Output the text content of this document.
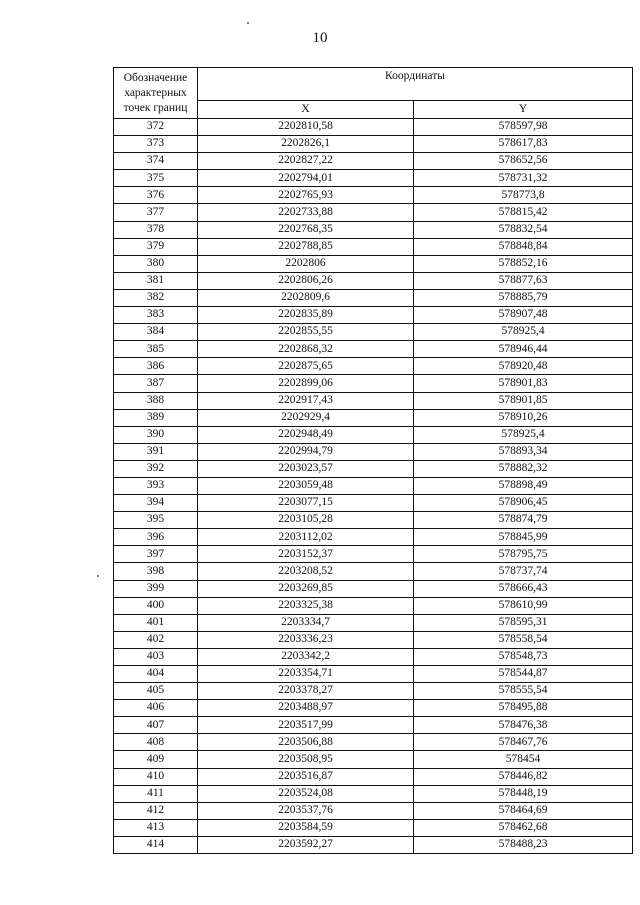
10
Обозначение характерных точек границ	Координаты	
	X	Y
372	2202810,58	578597,98
373	2202826,1	578617,83
374	2202827,22	578652,56
375	2202794,01	578731,32
376	2202765,93	578773,8
377	2202733,88	578815,42
378	2202768,35	578832,54
379	2202788,85	578848,84
380	2202806	578852,16
381	2202806,26	578877,63
382	2202809,6	578885,79
383	2202835,89	578907,48
384	2202855,55	578925,4
385	2202868,32	578946,44
386	2202875,65	578920,48
387	2202899,06	578901,83
388	2202917,43	578901,85
389	2202929,4	578910,26
390	2202948,49	578925,4
391	2202994,79	578893,34
392	2203023,57	578882,32
393	2203059,48	578898,49
394	2203077,15	578906,45
395	2203105,28	578874,79
396	2203112,02	578845,99
397	2203152,37	578795,75
398	2203208,52	578737,74
399	2203269,85	578666,43
400	2203325,38	578610,99
401	2203334,7	578595,31
402	2203336,23	578558,54
403	2203342,2	578548,73
404	2203354,71	578544,87
405	2203378,27	578555,54
406	2203488,97	578495,88
407	2203517,99	578476,38
408	2203506,88	578467,76
409	2203508,95	578454
410	2203516,87	578446,82
411	2203524,08	578448,19
412	2203537,76	578464,69
413	2203584,59	578462,68
414	2203592,27	578488,23
